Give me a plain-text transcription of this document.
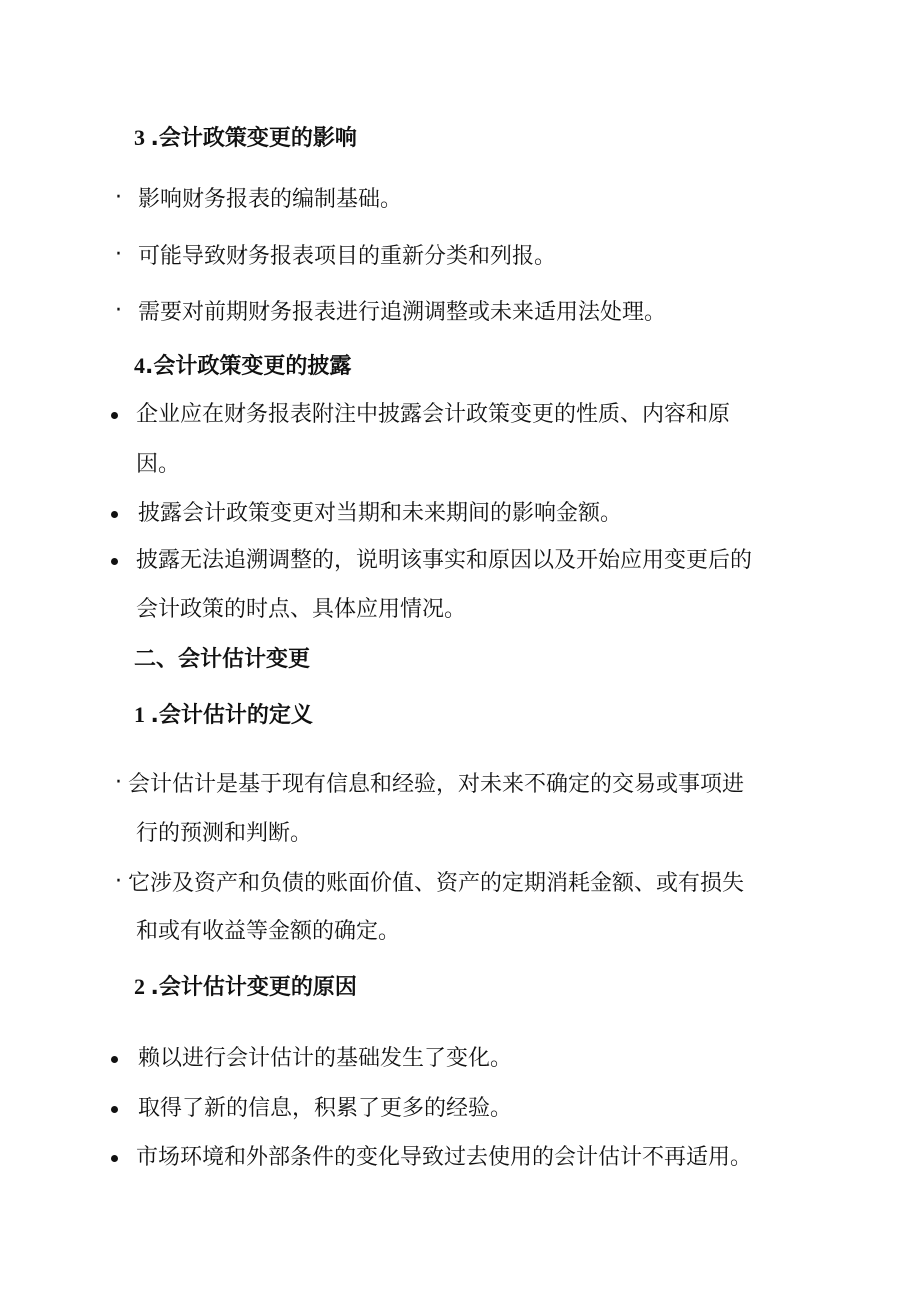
3 .会计政策变更的影响
· 影响财务报表的编制基础。
· 可能导致财务报表项目的重新分类和列报。
· 需要对前期财务报表进行追溯调整或未来适用法处理。
4.会计政策变更的披露
企业应在财务报表附注中披露会计政策变更的性质、内容和原
因。
披露会计政策变更对当期和未来期间的影响金额。
披露无法追溯调整的，说明该事实和原因以及开始应用变更后的
会计政策的时点、具体应用情况。
二、会计估计变更
1 .会计估计的定义
· 会计估计是基于现有信息和经验，对未来不确定的交易或事项进
行的预测和判断。
· 它涉及资产和负债的账面价值、资产的定期消耗金额、或有损失
和或有收益等金额的确定。
2 .会计估计变更的原因
赖以进行会计估计的基础发生了变化。
取得了新的信息，积累了更多的经验。
市场环境和外部条件的变化导致过去使用的会计估计不再适用。
